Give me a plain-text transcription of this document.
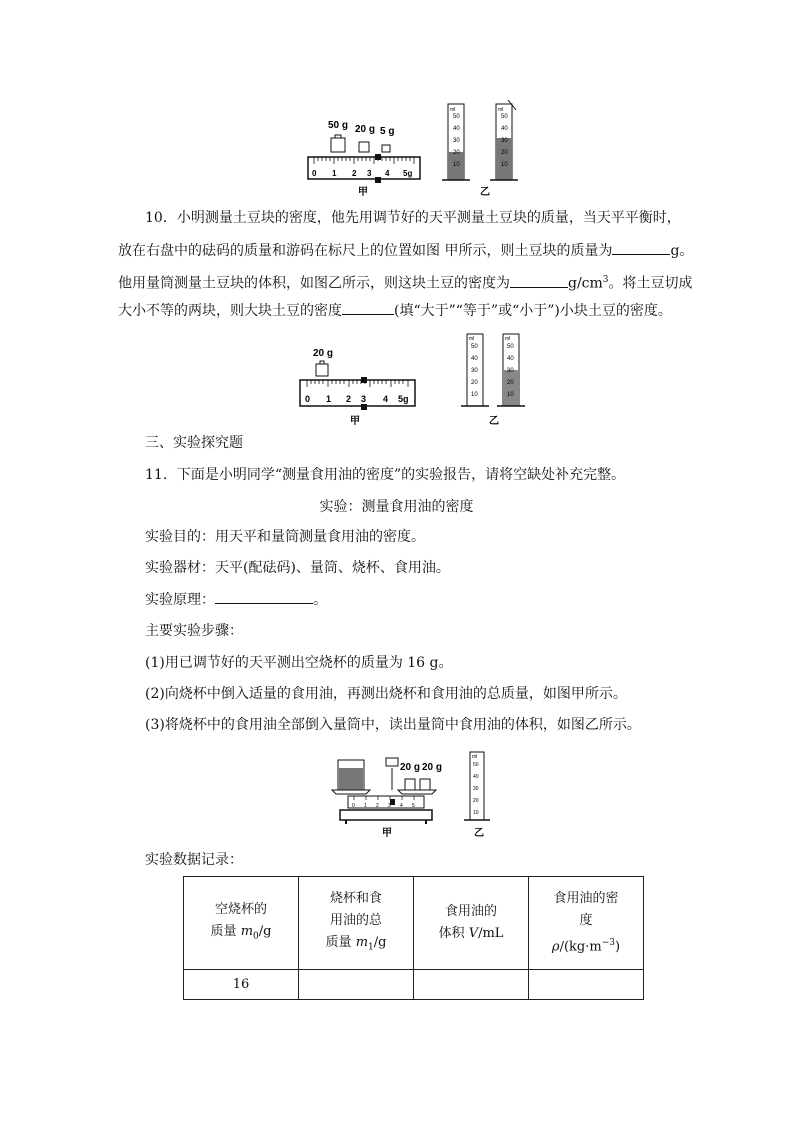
50 g 20 g 5 g
0 1 2 3 4 5g
甲
ml
50
40
30
20
10
ml
50
40
30
20
10
乙
10．小明测量土豆块的密度，他先用调节好的天平测量土豆块的质量，当天平平衡时，
放在右盘中的砝码的质量和游码在标尺上的位置如图 甲所示，则土豆块的质量为	g。
他用量筒测量土豆块的体积，如图乙所示，则这块土豆的密度为	$g/cm^3$。将土豆切成
大小不等的两块，则大块土豆的密度	(填“大于”“等于”或“小于”)小块土豆的密度。
20 g
0 1 2 3 4 5g
甲
ml
50
40
30
20
10
ml
50
40
30
20
10
乙
三、实验探究题
11．下面是小明同学“测量食用油的密度”的实验报告，请将空缺处补充完整。
实验：测量食用油的密度
实验目的：用天平和量筒测量食用油的密度。
实验器材：天平(配砝码)、量筒、烧杯、食用油。
实验原理：	。
主要实验步骤：
(1)用已调节好的天平测出空烧杯的质量为 16 g。
(2)向烧杯中倒入适量的食用油，再测出烧杯和食用油的总质量，如图甲所示。
(3)将烧杯中的食用油全部倒入量筒中，读出量筒中食用油的体积，如图乙所示。
20 g 20 g
0 1 2 3 4 5
甲
ml
50
40
30
20
10
乙
实验数据记录：
空烧杯的
质量 $m_0/g$	烧杯和食
用油的总
质量 $m_1/g$	食用油的
体积 V/mL	食用油的密
度
$\rho/(kg\cdot m^{-3})$
16			
